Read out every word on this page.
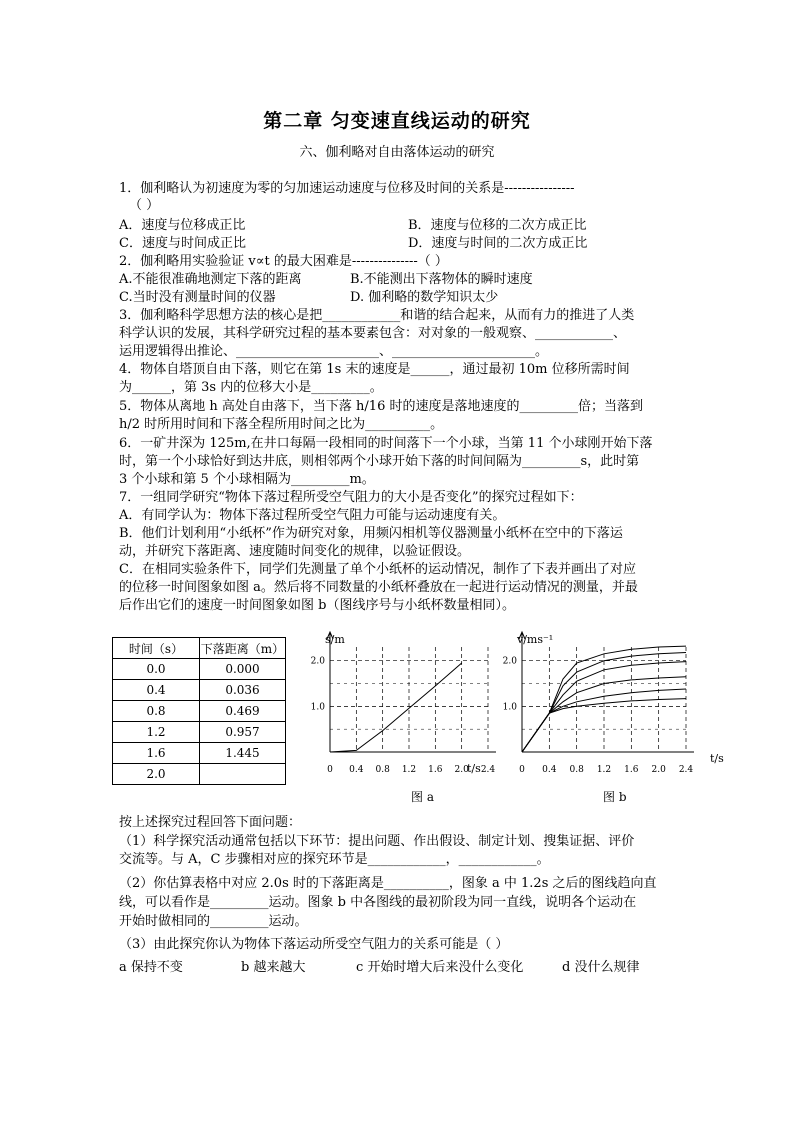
第二章 匀变速直线运动的研究
六、伽利略对自由落体运动的研究
1．伽利略认为初速度为零的匀加速运动速度与位移及时间的关系是----------------
（ ）
A．速度与位移成正比	B．速度与位移的二次方成正比
C．速度与时间成正比	D．速度与时间的二次方成正比
2．伽利略用实验验证 v∝t 的最大困难是---------------（ ）
A.不能很准确地测定下落的距离	B.不能测出下落物体的瞬时速度
C.当时没有测量时间的仪器	D. 伽利略的数学知识太少
3．伽利略科学思想方法的核心是把____________和谐的结合起来，从而有力的推进了人类
科学认识的发展，其科学研究过程的基本要素包含：对对象的一般观察、____________、
运用逻辑得出推论、______________________、______________________。
4．物体自塔顶自由下落，则它在第 1s 末的速度是______，通过最初 10m 位移所需时间
为______，第 3s 内的位移大小是_________。
5．物体从离地 h 高处自由落下，当下落 h/16 时的速度是落地速度的_________倍；当落到
h/2 时所用时间和下落全程所用时间之比为__________。
6．一矿井深为 125m,在井口每隔一段相同的时间落下一个小球，当第 11 个小球刚开始下落
时，第一个小球恰好到达井底，则相邻两个小球开始下落的时间间隔为_________s，此时第
3 个小球和第 5 个小球相隔为_________m。
7．一组同学研究“物体下落过程所受空气阻力的大小是否变化”的探究过程如下：
A．有同学认为：物体下落过程所受空气阻力可能与运动速度有关。
B．他们计划利用“小纸杯”作为研究对象，用频闪相机等仪器测量小纸杯在空中的下落运
动，并研究下落距离、速度随时间变化的规律，以验证假设。
C．在相同实验条件下，同学们先测量了单个小纸杯的运动情况，制作了下表并画出了对应
的位移一时间图象如图 a。然后将不同数量的小纸杯叠放在一起进行运动情况的测量，并最
后作出它们的速度一时间图象如图 b（图线序号与小纸杯数量相同）。
时间（s）	下落距离（m）
0.0	0.000
0.4	0.036
0.8	0.469
1.2	0.957
1.6	1.445
2.0		0 0.4 0.8 1.2 1.6 2.0 2.4
1.0
2.0
s/m
t/s	0 0.4 0.8 1.2 1.6 2.0 2.4
1.0
2.0
v/ms⁻¹
t/s
图 a	图 b
按上述探究过程回答下面问题：
（1）科学探究活动通常包括以下环节：提出问题、作出假设、制定计划、搜集证据、评价
交流等。与 A，C 步骤相对应的探究环节是____________，____________。
（2）你估算表格中对应 2.0s 时的下落距离是__________，图象 a 中 1.2s 之后的图线趋向直
线，可以看作是_________运动。图象 b 中各图线的最初阶段为同一直线，说明各个运动在
开始时做相同的_________运动。
（3）由此探究你认为物体下落运动所受空气阻力的关系可能是（ ）
a 保持不变	b 越来越大	c 开始时增大后来没什么变化	d 没什么规律
